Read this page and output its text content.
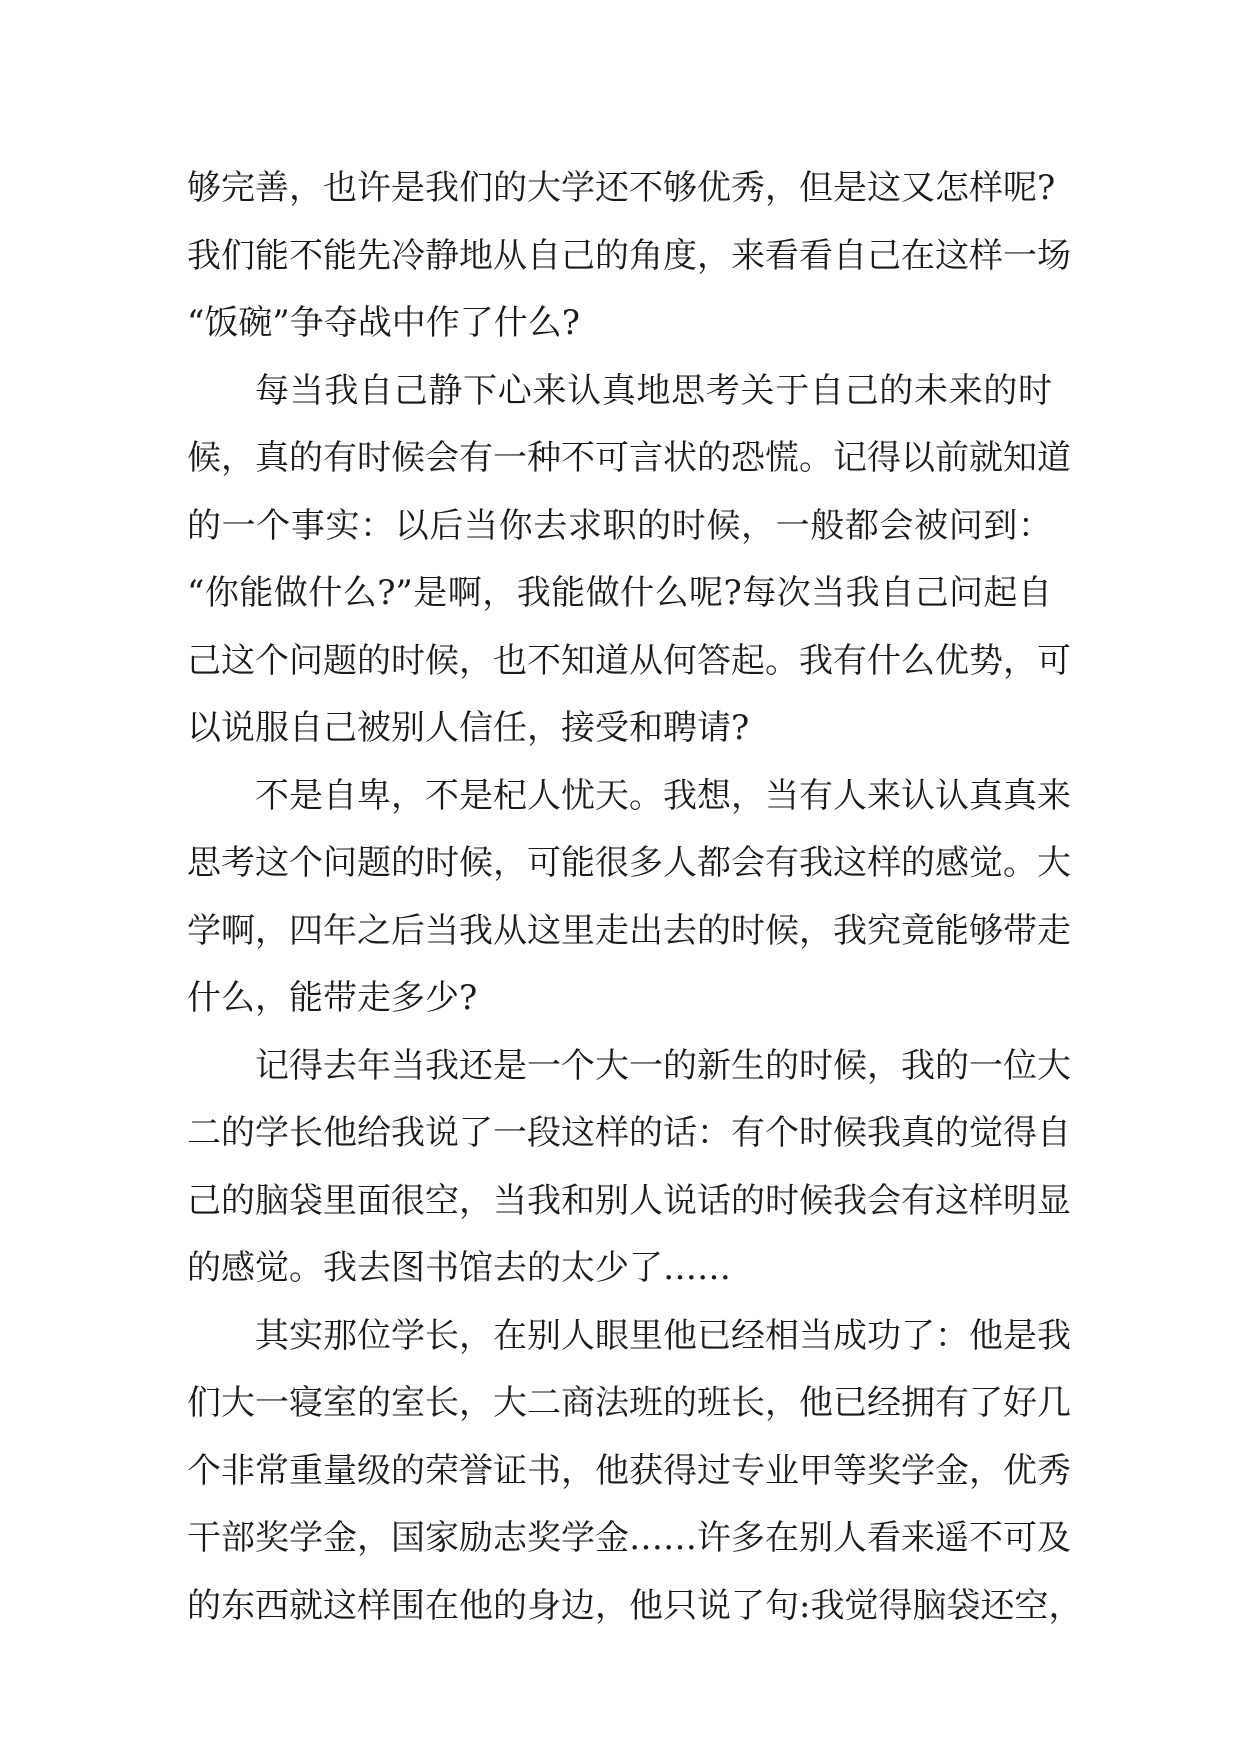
够完善，也许是我们的大学还不够优秀，但是这又怎样呢?
我们能不能先冷静地从自己的角度，来看看自己在这样一场
“饭碗”争夺战中作了什么?
每当我自己静下心来认真地思考关于自己的未来的时
候，真的有时候会有一种不可言状的恐慌。记得以前就知道
的一个事实：以后当你去求职的时候，一般都会被问到：
“你能做什么?”是啊，我能做什么呢?每次当我自己问起自
己这个问题的时候，也不知道从何答起。我有什么优势，可
以说服自己被别人信任，接受和聘请?
不是自卑，不是杞人忧天。我想，当有人来认认真真来
思考这个问题的时候，可能很多人都会有我这样的感觉。大
学啊，四年之后当我从这里走出去的时候，我究竟能够带走
什么，能带走多少?
记得去年当我还是一个大一的新生的时候，我的一位大
二的学长他给我说了一段这样的话：有个时候我真的觉得自
己的脑袋里面很空，当我和别人说话的时候我会有这样明显
的感觉。我去图书馆去的太少了……
其实那位学长，在别人眼里他已经相当成功了：他是我
们大一寝室的室长，大二商法班的班长，他已经拥有了好几
个非常重量级的荣誉证书，他获得过专业甲等奖学金，优秀
干部奖学金，国家励志奖学金……许多在别人看来遥不可及
的东西就这样围在他的身边，他只说了句:我觉得脑袋还空，
